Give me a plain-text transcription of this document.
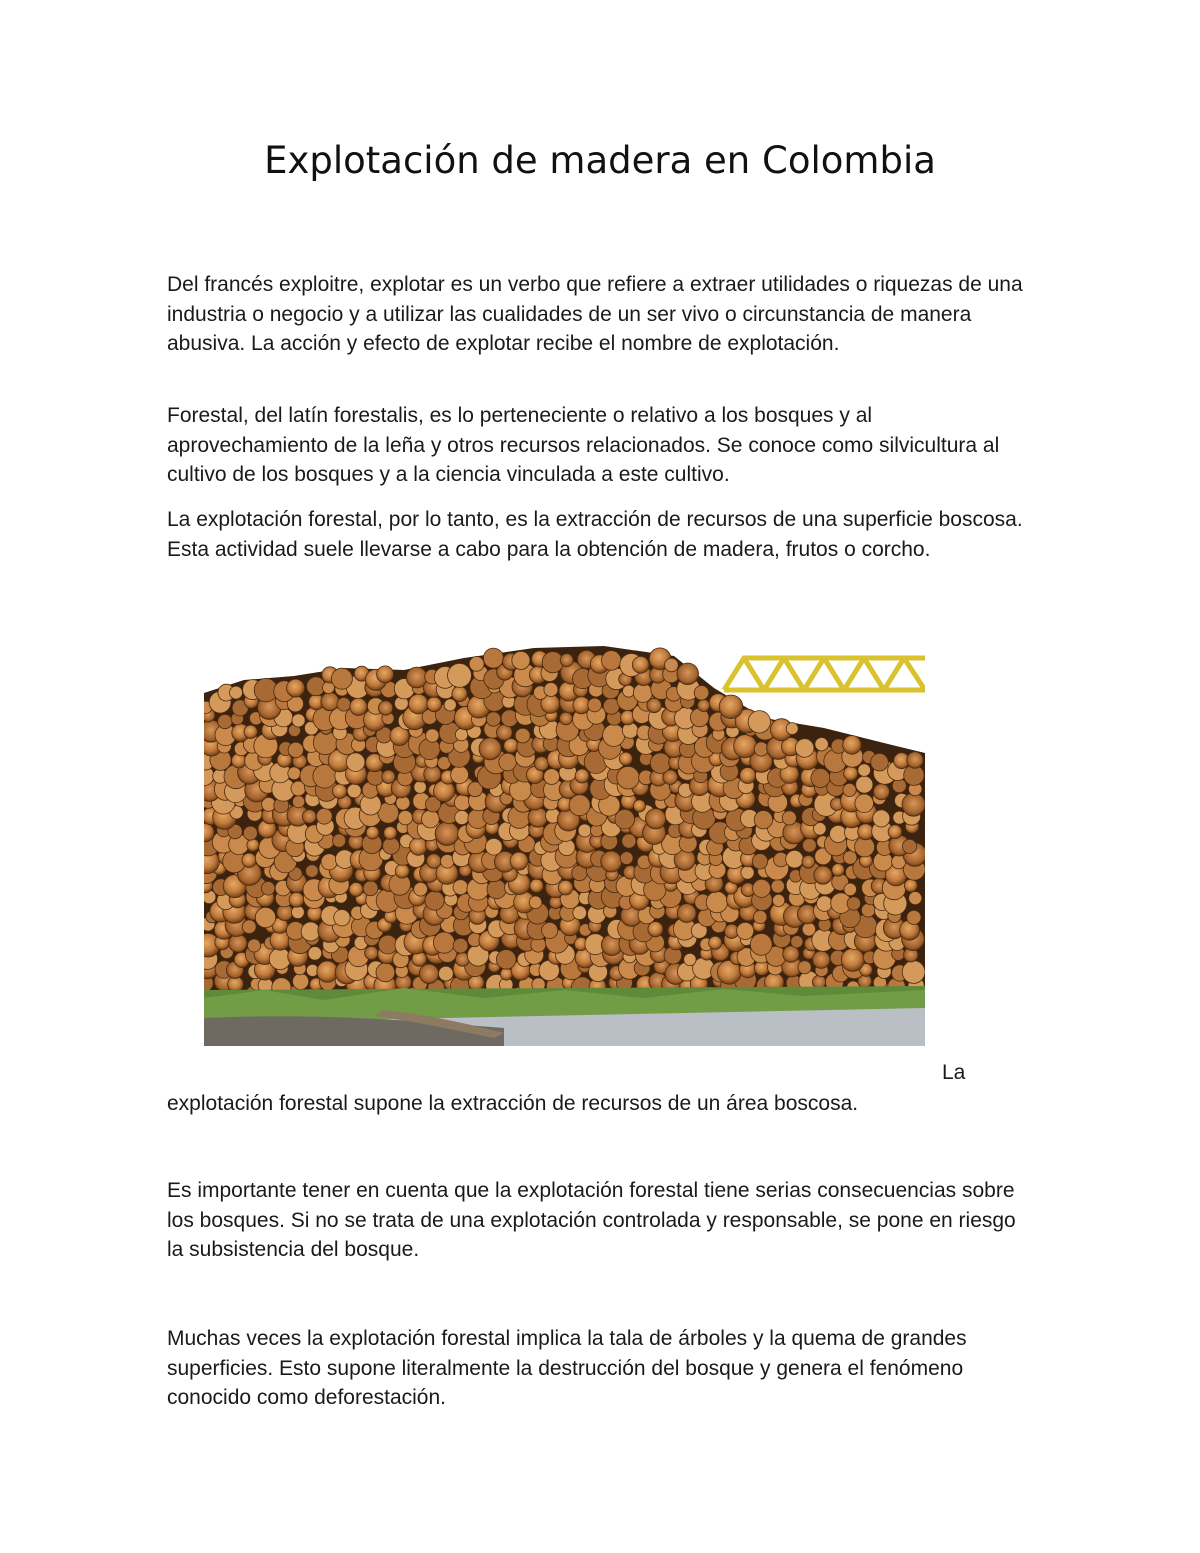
Explotación de madera en Colombia

Del francés exploitre, explotar es un verbo que refiere a extraer utilidades o riquezas de una industria o negocio y a utilizar las cualidades de un ser vivo o circunstancia de manera abusiva. La acción y efecto de explotar recibe el nombre de explotación.

Forestal, del latín forestalis, es lo perteneciente o relativo a los bosques y al aprovechamiento de la leña y otros recursos relacionados. Se conoce como silvicultura al cultivo de los bosques y a la ciencia vinculada a este cultivo.

La explotación forestal, por lo tanto, es la extracción de recursos de una superficie boscosa. Esta actividad suele llevarse a cabo para la obtención de madera, frutos o corcho.

La
explotación forestal supone la extracción de recursos de un área boscosa.

Es importante tener en cuenta que la explotación forestal tiene serias consecuencias sobre los bosques. Si no se trata de una explotación controlada y responsable, se pone en riesgo la subsistencia del bosque.

Muchas veces la explotación forestal implica la tala de árboles y la quema de grandes superficies. Esto supone literalmente la destrucción del bosque y genera el fenómeno conocido como deforestación.
